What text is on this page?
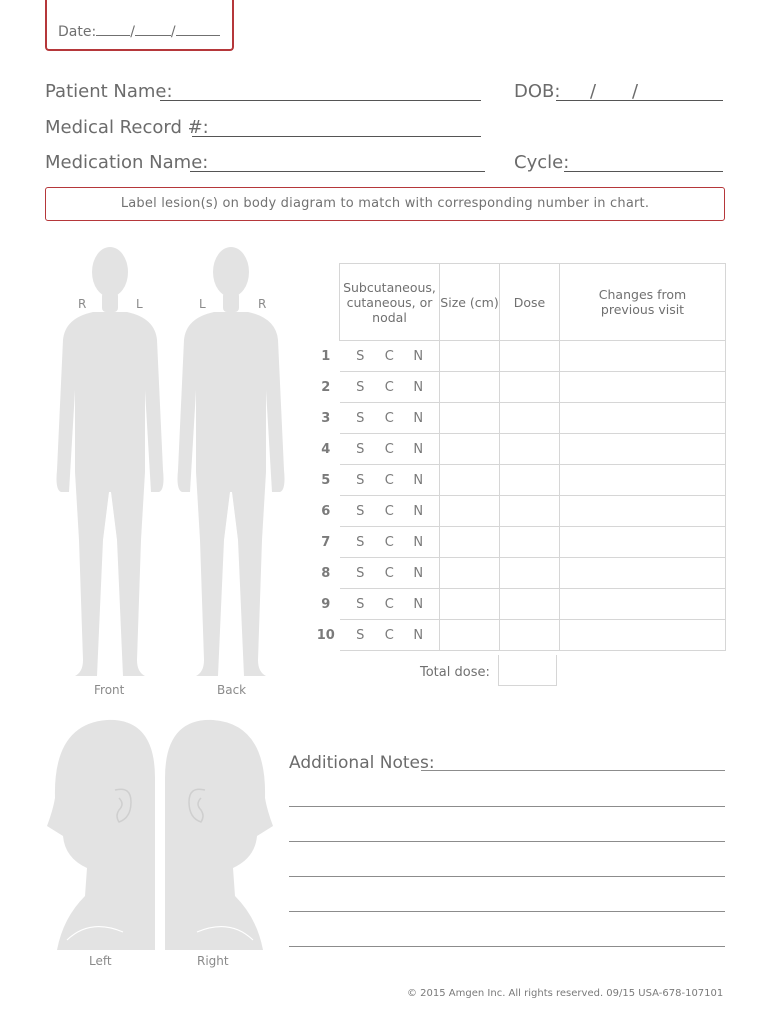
Date: /	/
Patient Name:	DOB: / /
Medical Record #:
Medication Name:	Cycle:
Label lesion(s) on body diagram to match with corresponding number in chart.
R	L	L	R
Front	Back
	Subcutaneous, cutaneous, or nodal	Size (cm)	Dose	Changes from previous visit
1	S C N			
2	S C N			
3	S C N			
4	S C N			
5	S C N			
6	S C N			
7	S C N			
8	S C N			
9	S C N			
10	S C N			
Total dose:
Left	Right
Additional Notes:
© 2015 Amgen Inc. All rights reserved. 09/15 USA-678-107101
